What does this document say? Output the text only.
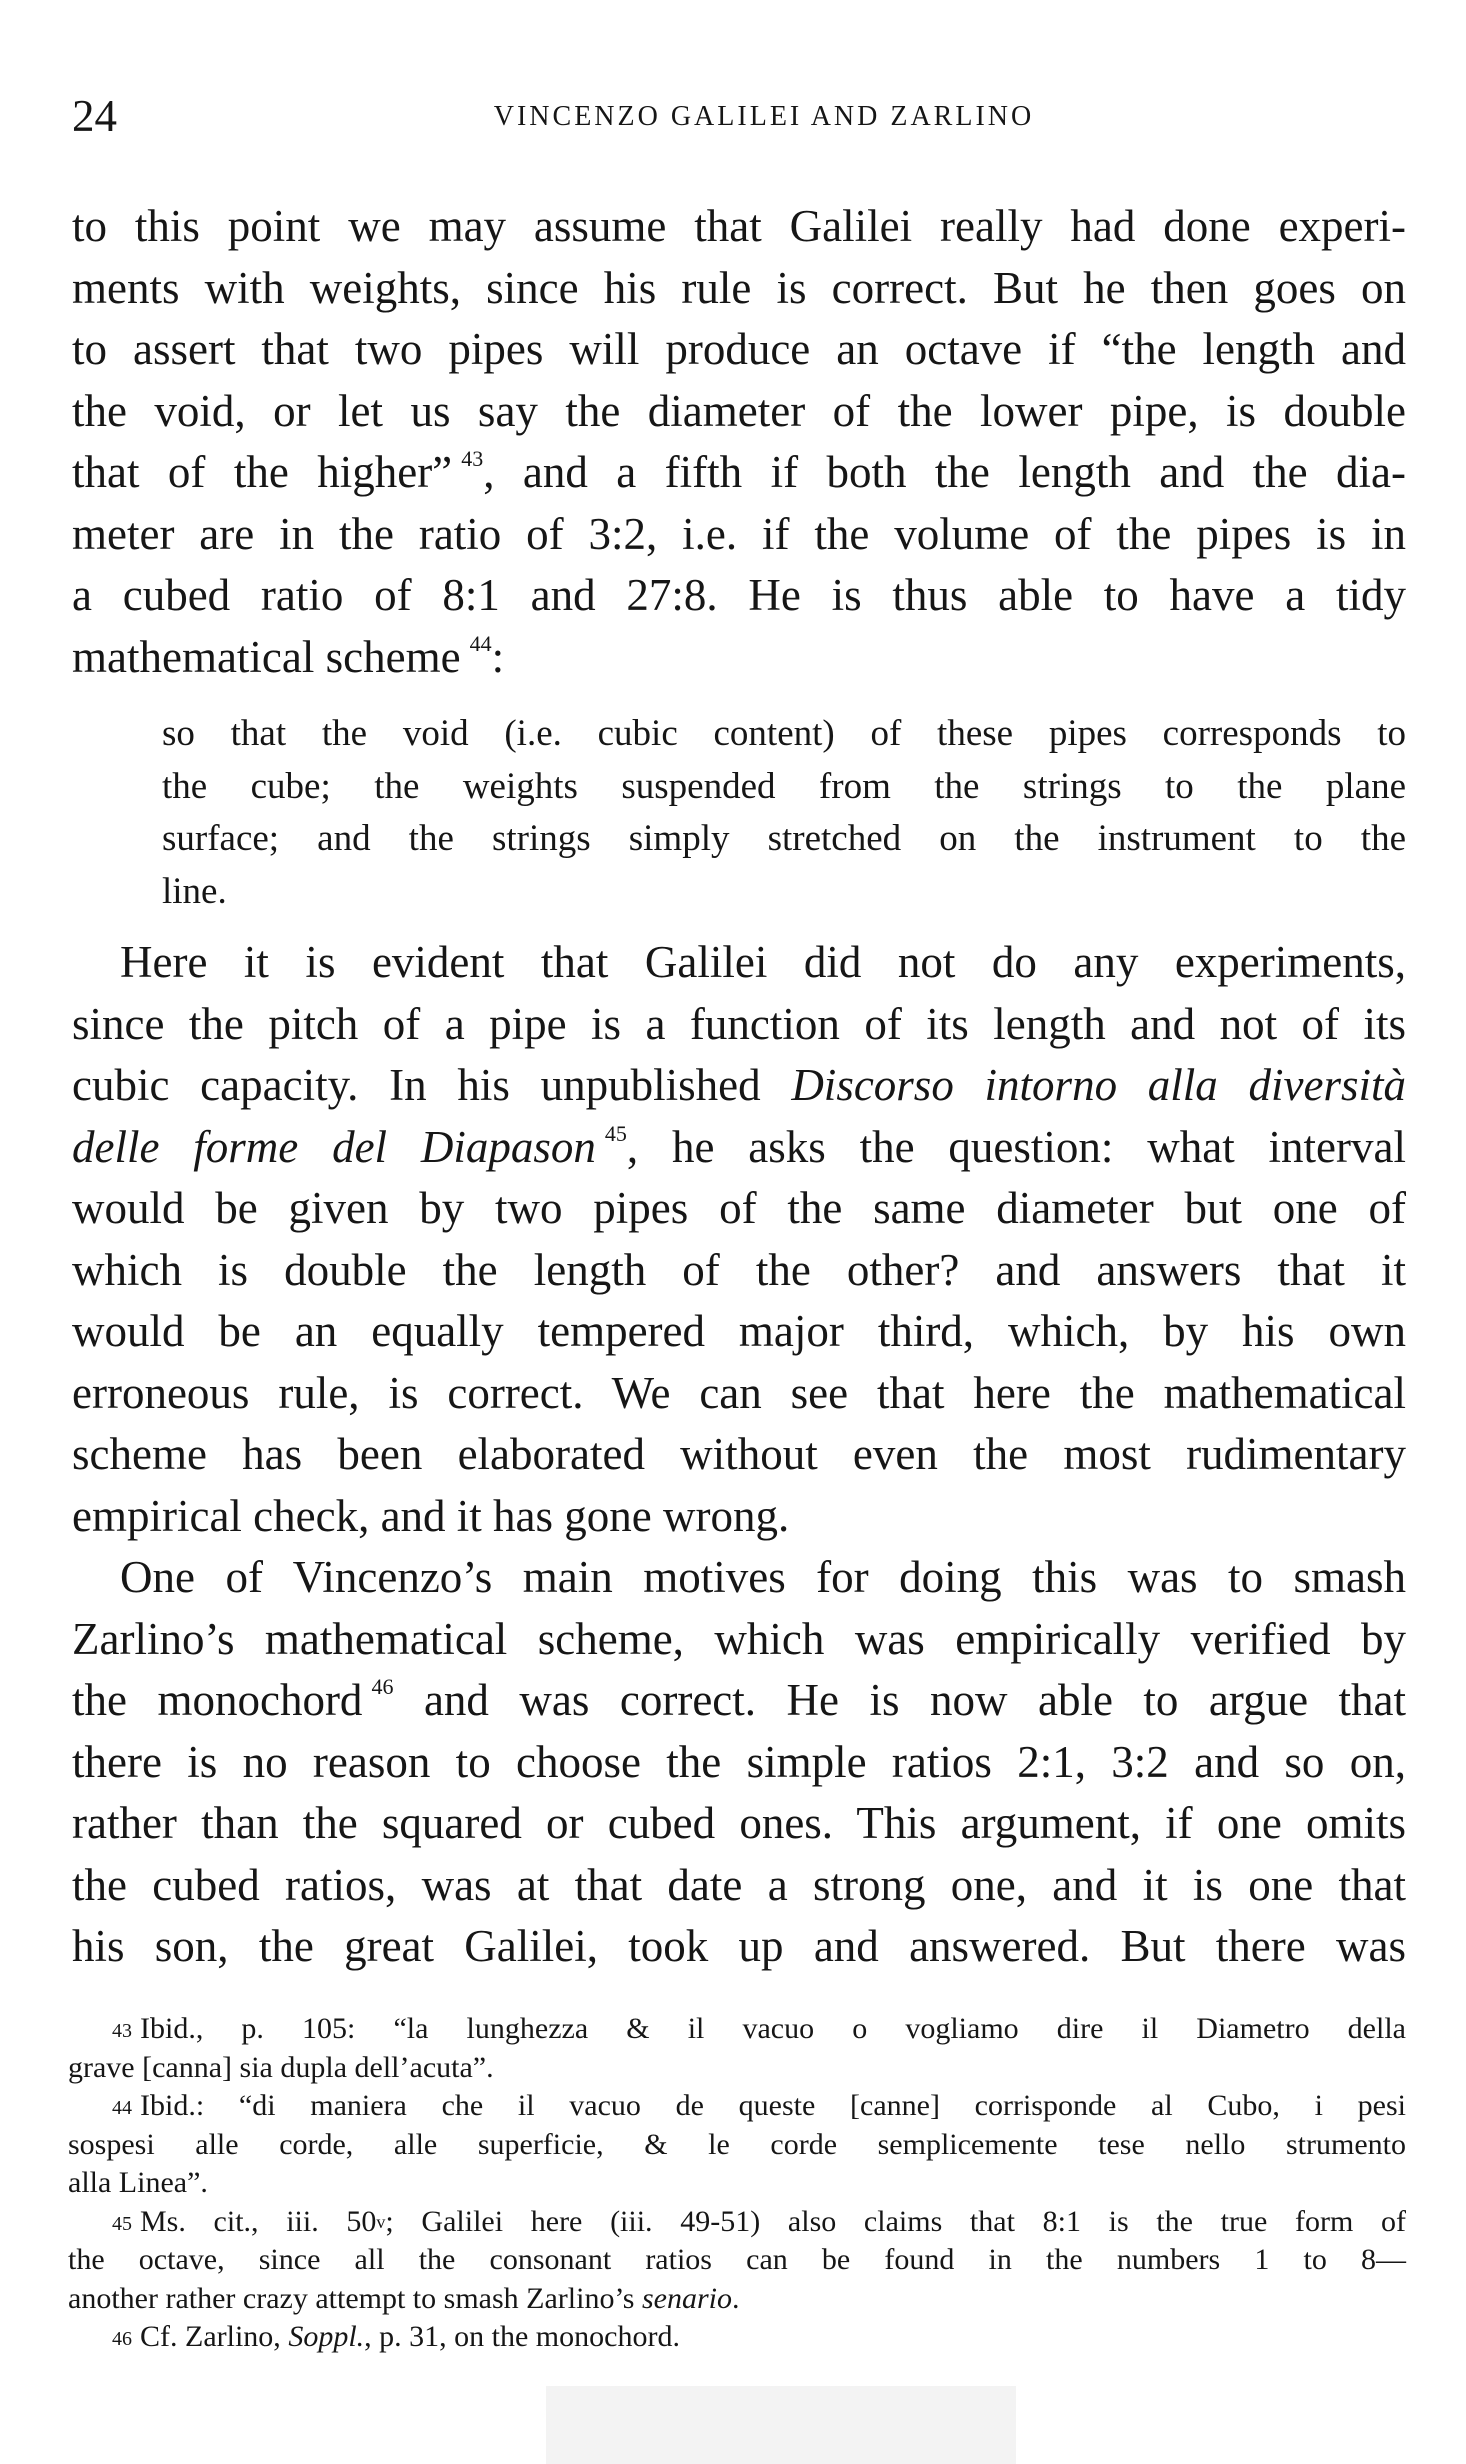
24	VINCENZO GALILEI AND ZARLINO

to this point we may assume that Galilei really had done experi-
ments with weights, since his rule is correct. But he then goes on
to assert that two pipes will produce an octave if “the length and
the void, or let us say the diameter of the lower pipe, is double
that of the higher”  $^{43}$, and a fifth if both the length and the dia-
meter are in the ratio of 3:2, i.e. if the volume of the pipes is in
a cubed ratio of 8:1 and 27:8. He is thus able to have a tidy
mathematical scheme  $^{44}$:

so that the void (i.e. cubic content) of these pipes corresponds to
the cube; the weights suspended from the strings to the plane
surface; and the strings simply stretched on the instrument to the
line.

Here it is evident that Galilei did not do any experiments,
since the pitch of a pipe is a function of its length and not of its
cubic capacity. In his unpublished Discorso intorno alla diversità
delle forme del Diapason  $^{45}$, he asks the question: what interval
would be given by two pipes of the same diameter but one of
which is double the length of the other? and answers that it
would be an equally tempered major third, which, by his own
erroneous rule, is correct. We can see that here the mathematical
scheme has been elaborated without even the most rudimentary
empirical check, and it has gone wrong.

One of Vincenzo’s main motives for doing this was to smash
Zarlino’s mathematical scheme, which was empirically verified by
the monochord  $^{46}$ and was correct. He is now able to argue that
there is no reason to choose the simple ratios 2:1, 3:2 and so on,
rather than the squared or cubed ones. This argument, if one omits
the cubed ratios, was at that date a strong one, and it is one that
his son, the great Galilei, took up and answered. But there was

$^{43}$ Ibid., p. 105: “la lunghezza & il vacuo o vogliamo dire il Diametro della
grave [canna] sia dupla dell’acuta”.
$^{44}$ Ibid.: “di maniera che il vacuo de queste [canne] corrisponde al Cubo, i pesi
sospesi alle corde, alle superficie, & le corde semplicemente tese nello strumento
alla Linea”.
$^{45}$ Ms. cit., iii. 50$^v$; Galilei here (iii. 49-51) also claims that 8:1 is the true form of
the octave, since all the consonant ratios can be found in the numbers 1 to 8—
another rather crazy attempt to smash Zarlino’s senario.
$^{46}$ Cf. Zarlino, Soppl., p. 31, on the monochord.
